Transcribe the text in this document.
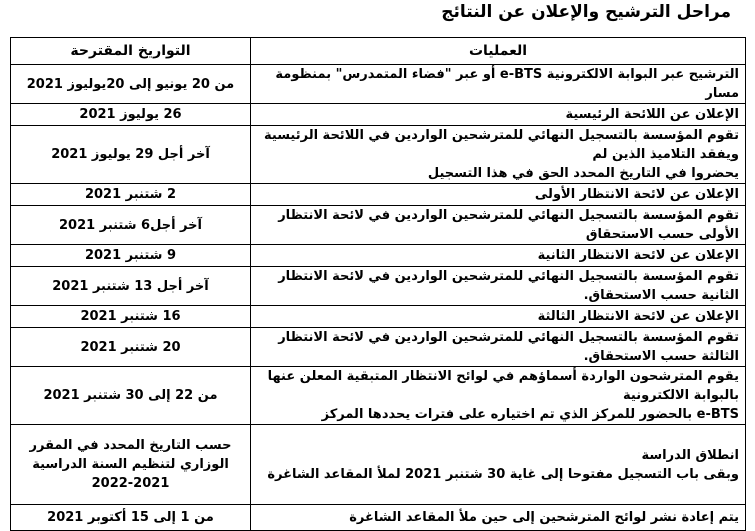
مراحل الترشيح والإعلان عن النتائج
العمليات	التواريخ المقترحة

الترشيح عبر البوابة الالكترونية e-BTS أو عبر "فضاء المتمدرس" بمنظومة مسار	من 20 يونيو إلى 20يوليوز 2021

الإعلان عن اللائحة الرئيسية	26 يوليوز 2021

تقوم المؤسسة بالتسجيل النهائي للمترشحين الواردين في اللائحة الرئيسية ويفقد التلاميذ الذين لم
يحضروا في التاريخ المحدد الحق في هذا التسجيل	آخر أجل 29 يوليوز 2021

الإعلان عن لائحة الانتظار الأولى	2 شتنبر 2021

تقوم المؤسسة بالتسجيل النهائي للمترشحين الواردين في لائحة الانتظار الأولى حسب الاستحقاق	آخر أجل6 شتنبر 2021

الإعلان عن لائحة الانتظار الثانية	9 شتنبر 2021

تقوم المؤسسة بالتسجيل النهائي للمترشحين الواردين في لائحة الانتظار الثانية حسب الاستحقاق.	آخر أجل 13 شتنبر 2021

الإعلان عن لائحة الانتظار الثالثة	16 شتنبر 2021

تقوم المؤسسة بالتسجيل النهائي للمترشحين الواردين في لائحة الانتظار الثالثة حسب الاستحقاق.	20 شتنبر 2021

يقوم المترشحون الواردة أسماؤهم في لوائح الانتظار المتبقية المعلن عنها بالبوابة الالكترونية
e-BTS بالحضور للمركز الذي تم اختياره على فترات يحددها المركز	من 22 إلى 30 شتنبر 2021

انطلاق الدراسة
وبقى باب التسجيل مفتوحا إلى غاية 30 شتنبر 2021 لملأ المقاعد الشاغرة	حسب التاريخ المحدد في المقرر
الوزاري لتنظيم السنة الدراسية
2022-2021

يتم إعادة نشر لوائح المترشحين إلى حين ملأ المقاعد الشاغرة	من 1 إلى 15 أكتوبر 2021
